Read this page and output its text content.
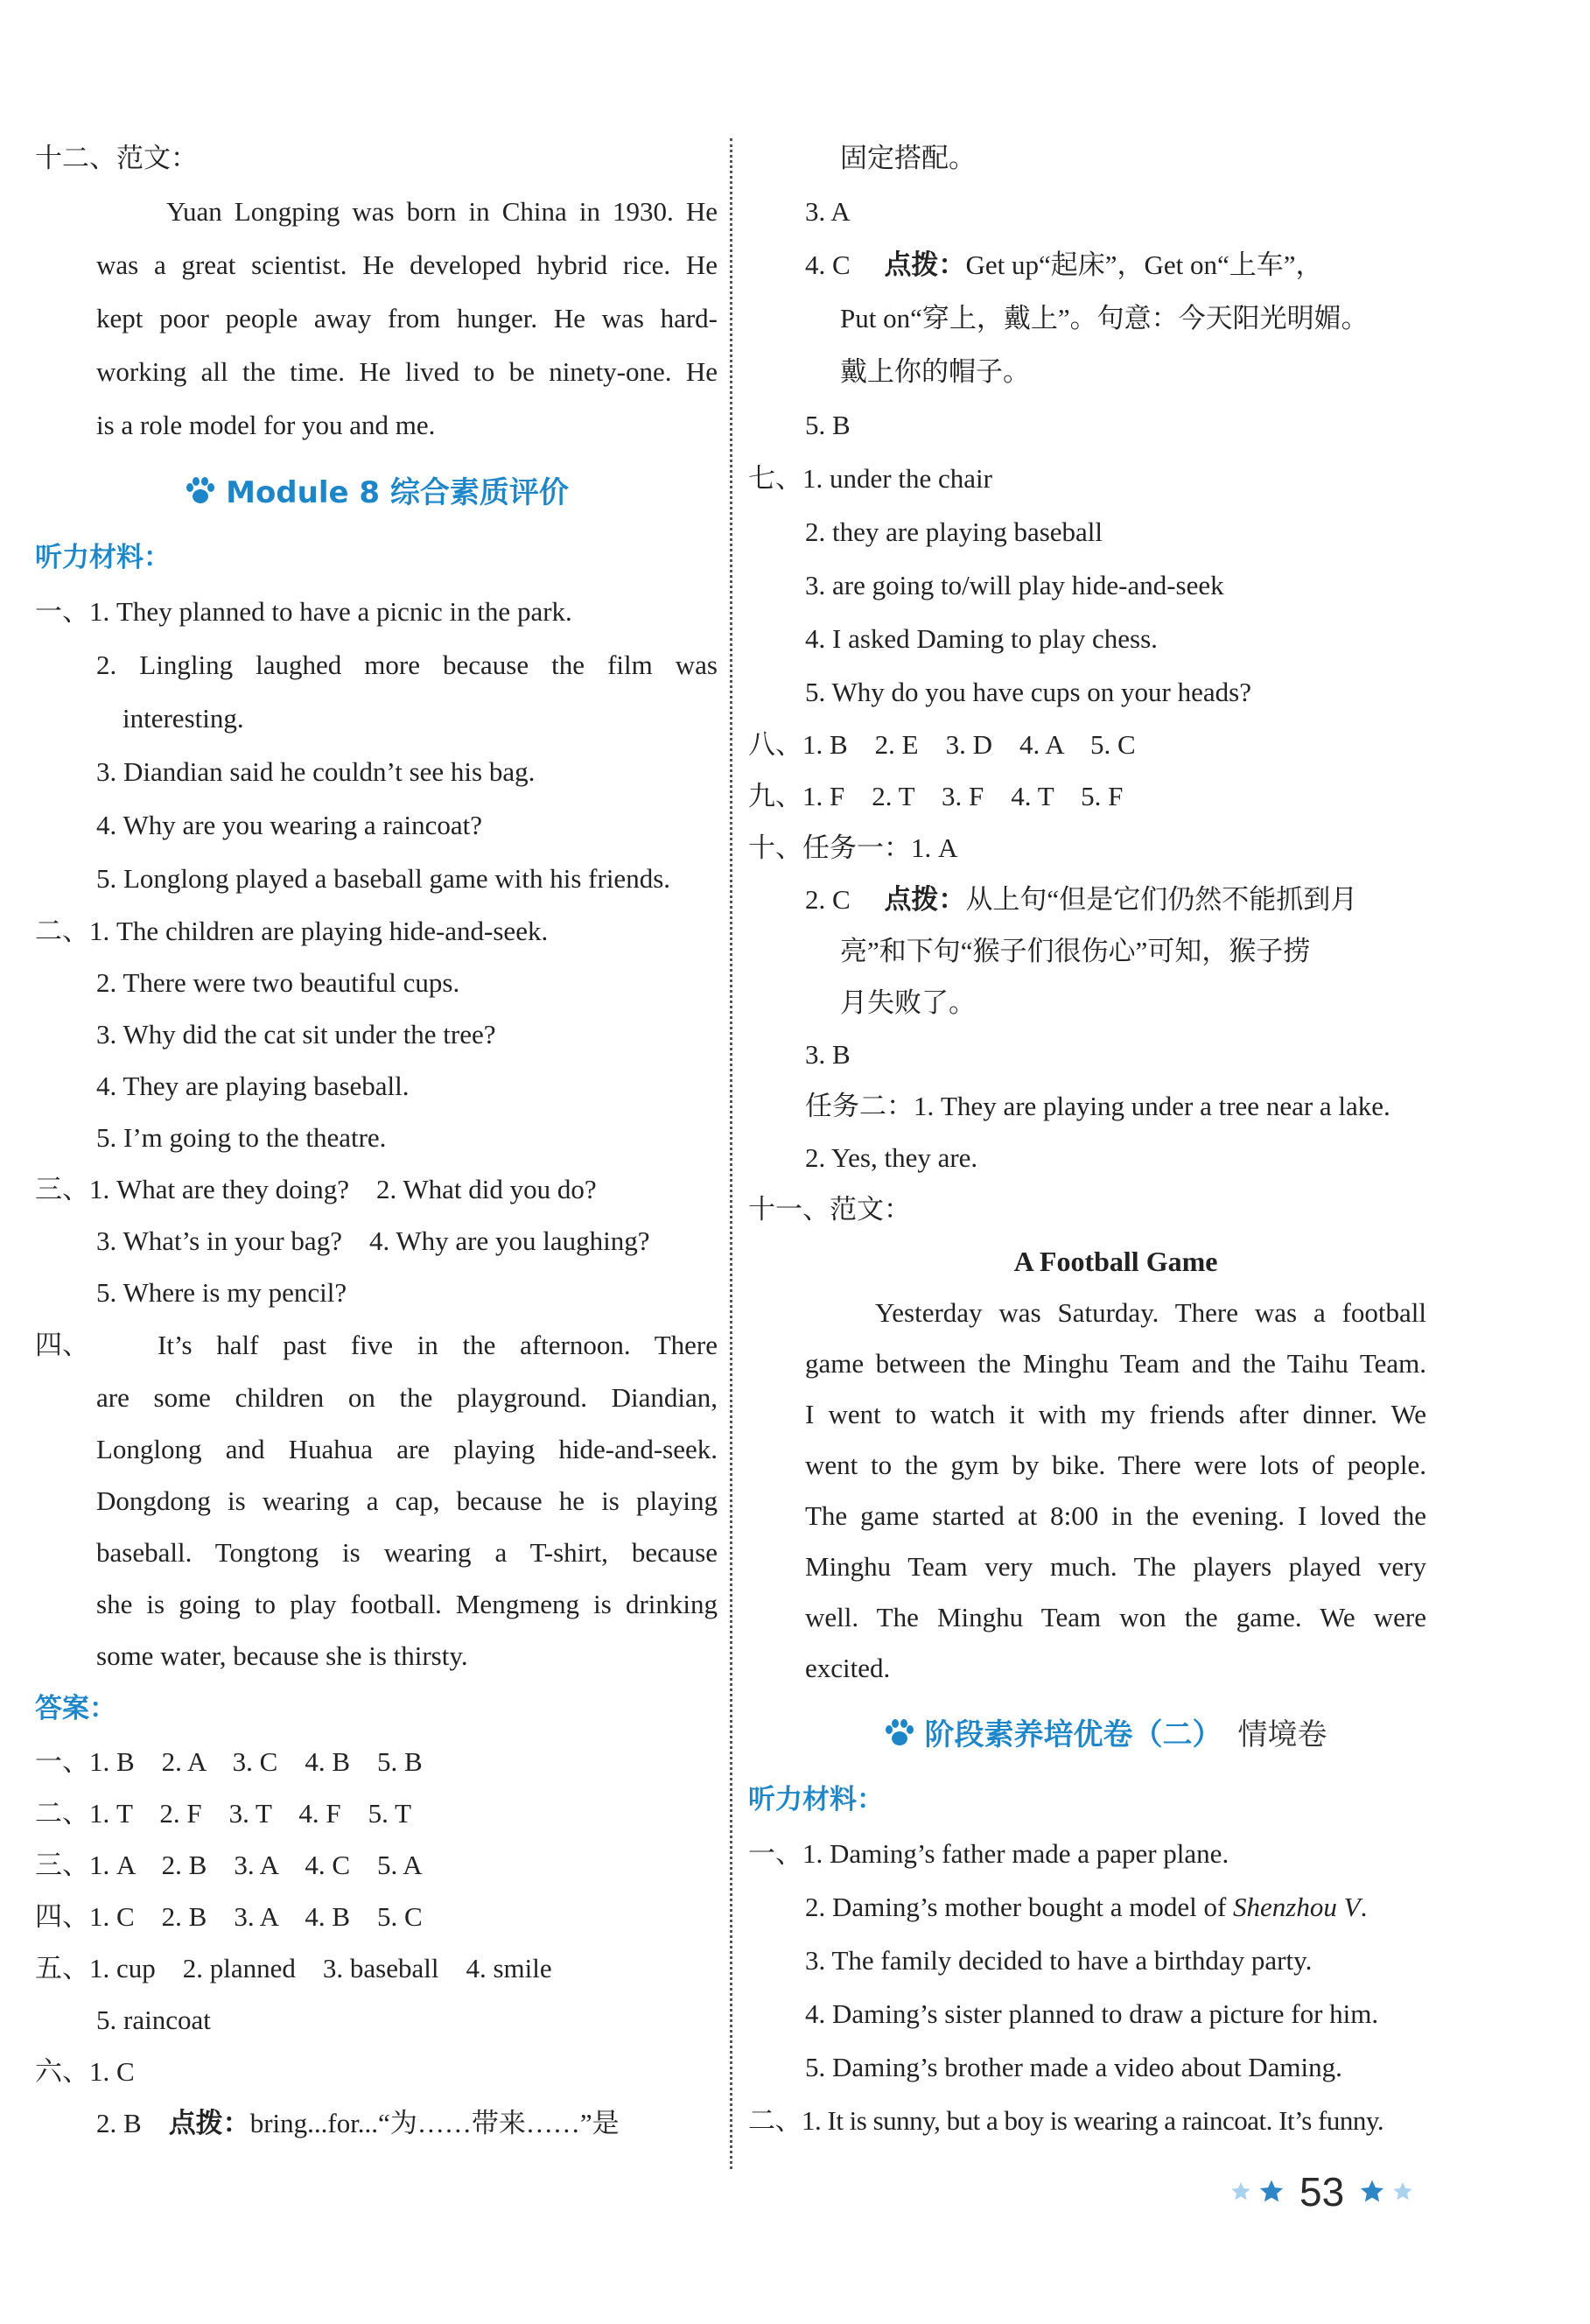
十二、范文：
Yuan Longping was born in China in 1930. He
was a great scientist. He developed hybrid rice. He
kept poor people away from hunger. He was hard-
working all the time. He lived to be ninety-one. He
is a role model for you and me.
Module 8 综合素质评价
听力材料：
一、1. They planned to have a picnic in the park.
2. Lingling laughed more because the film was
interesting.
3. Diandian said he couldn’t see his bag.
4. Why are you wearing a raincoat?
5. Longlong played a baseball game with his friends.
二、1. The children are playing hide-and-seek.
2. There were two beautiful cups.
3. Why did the cat sit under the tree?
4. They are playing baseball.
5. I’m going to the theatre.
三、1. What are they doing?    2. What did you do?
3. What’s in your bag?    4. Why are you laughing?
5. Where is my pencil?
四、	It’s half past five in the afternoon. There
are some children on the playground. Diandian,
Longlong and Huahua are playing hide-and-seek.
Dongdong is wearing a cap, because he is playing
baseball. Tongtong is wearing a T-shirt, because
she is going to play football. Mengmeng is drinking
some water, because she is thirsty.
答案：
一、1. B    2. A    3. C    4. B    5. B
二、1. T    2. F    3. T    4. F    5. T
三、1. A    2. B    3. A    4. C    5. A
四、1. C    2. B    3. A    4. B    5. C
五、1. cup    2. planned    3. baseball    4. smile
5. raincoat
六、1. C
2. B 点拨：bring...for...“为……带来……”是
固定搭配。
3. A
4. C 点拨：Get up“起床”，Get on“上车”，
Put on“穿上，戴上”。句意：今天阳光明媚。
戴上你的帽子。
5. B
七、1. under the chair
2. they are playing baseball
3. are going to/will play hide-and-seek
4. I asked Daming to play chess.
5. Why do you have cups on your heads?
八、1. B    2. E    3. D    4. A    5. C
九、1. F    2. T    3. F    4. T    5. F
十、任务一：1. A
2. C 点拨：从上句“但是它们仍然不能抓到月
亮”和下句“猴子们很伤心”可知，猴子捞
月失败了。
3. B
任务二：1. They are playing under a tree near a lake.
2. Yes, they are.
十一、范文：
A Football Game
Yesterday was Saturday. There was a football
game between the Minghu Team and the Taihu Team.
I went to watch it with my friends after dinner. We
went to the gym by bike. There were lots of people.
The game started at 8:00 in the evening. I loved the
Minghu Team very much. The players played very
well. The Minghu Team won the game. We were
excited.
阶段素养培优卷（二） 情境卷
听力材料：
一、1. Daming’s father made a paper plane.
2. Daming’s mother bought a model of Shenzhou V.
3. The family decided to have a birthday party.
4. Daming’s sister planned to draw a picture for him.
5. Daming’s brother made a video about Daming.
二、1. It is sunny, but a boy is wearing a raincoat. It’s funny.
53
